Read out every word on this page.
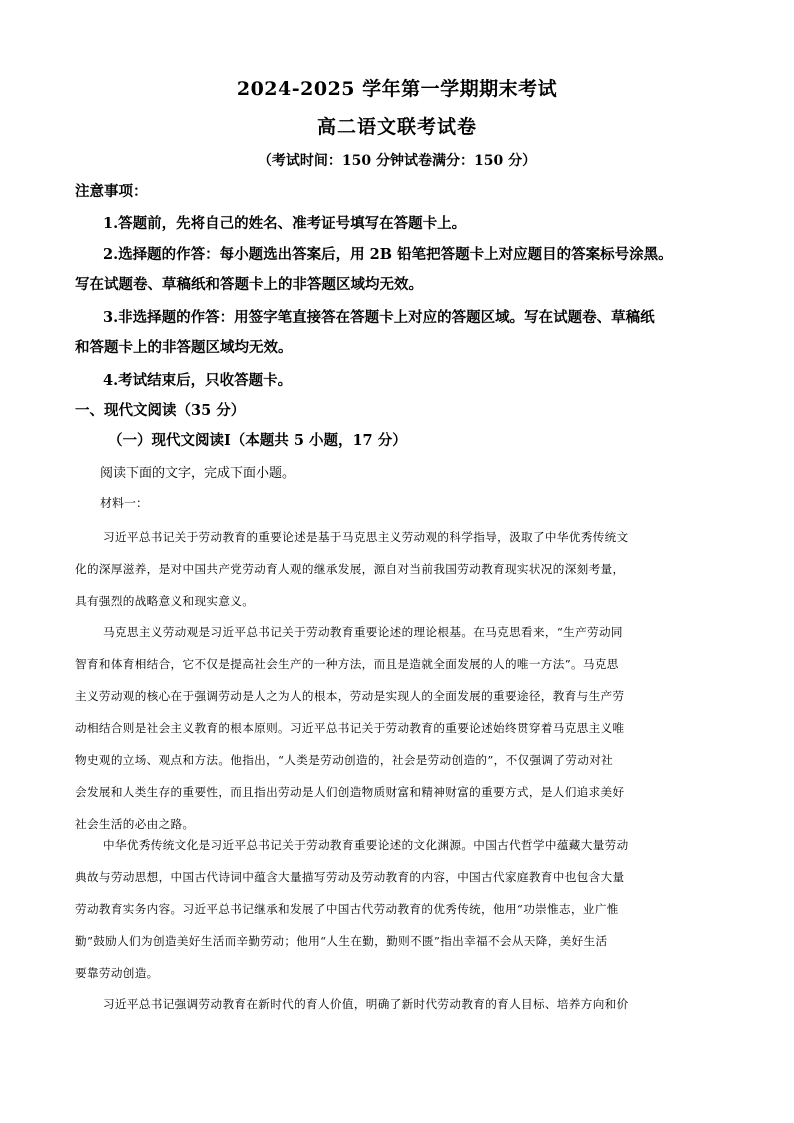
2024-2025 学年第一学期期末考试
高二语文联考试卷
（考试时间：150 分钟试卷满分：150 分）
注意事项：
1.答题前，先将自己的姓名、准考证号填写在答题卡上。
2.选择题的作答：每小题选出答案后，用 2B 铅笔把答题卡上对应题目的答案标号涂黑。
写在试题卷、草稿纸和答题卡上的非答题区域均无效。
3.非选择题的作答：用签字笔直接答在答题卡上对应的答题区域。写在试题卷、草稿纸
和答题卡上的非答题区域均无效。
4.考试结束后，只收答题卡。
一、现代文阅读（35 分）
（一）现代文阅读Ⅰ（本题共 5 小题，17 分）
阅读下面的文字，完成下面小题。
材料一：
习近平总书记关于劳动教育的重要论述是基于马克思主义劳动观的科学指导，汲取了中华优秀传统文
化的深厚滋养，是对中国共产党劳动育人观的继承发展，源自对当前我国劳动教育现实状况的深刻考量，
具有强烈的战略意义和现实意义。
马克思主义劳动观是习近平总书记关于劳动教育重要论述的理论根基。在马克思看来，“生产劳动同
智育和体育相结合，它不仅是提高社会生产的一种方法，而且是造就全面发展的人的唯一方法”。马克思
主义劳动观的核心在于强调劳动是人之为人的根本，劳动是实现人的全面发展的重要途径，教育与生产劳
动相结合则是社会主义教育的根本原则。习近平总书记关于劳动教育的重要论述始终贯穿着马克思主义唯
物史观的立场、观点和方法。他指出，“人类是劳动创造的，社会是劳动创造的”，不仅强调了劳动对社
会发展和人类生存的重要性，而且指出劳动是人们创造物质财富和精神财富的重要方式，是人们追求美好
社会生活的必由之路。
中华优秀传统文化是习近平总书记关于劳动教育重要论述的文化渊源。中国古代哲学中蕴藏大量劳动
典故与劳动思想，中国古代诗词中蕴含大量描写劳动及劳动教育的内容，中国古代家庭教育中也包含大量
劳动教育实务内容。习近平总书记继承和发展了中国古代劳动教育的优秀传统，他用“功崇惟志，业广惟
勤”鼓励人们为创造美好生活而辛勤劳动；他用“人生在勤，勤则不匮”指出幸福不会从天降，美好生活
要靠劳动创造。
习近平总书记强调劳动教育在新时代的育人价值，明确了新时代劳动教育的育人目标、培养方向和价
